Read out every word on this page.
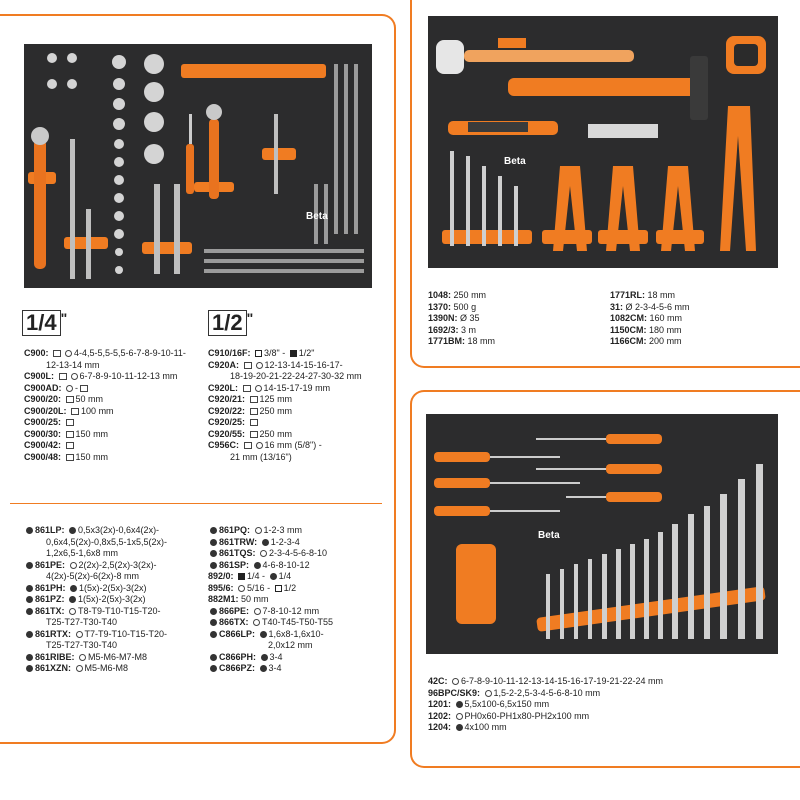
Beta
1/4 "	1/2 "
C900:	4-4,5-5,5-5,5-6-7-8-9-10-11-
12-13-14 mm
C900L:	6-7-8-9-10-11-12-13 mm
C900AD: -
C900/20: 50 mm
C900/20L: 100 mm
C900/25:
C900/30: 150 mm
C900/42:
C900/48: 150 mm
C910/16F: 3/8" - 1/2"
C920A:	12-13-14-15-16-17-
18-19-20-21-22-24-27-30-32 mm
C920L:	14-15-17-19 mm
C920/21: 125 mm
C920/22: 250 mm
C920/25:
C920/55: 250 mm
C956C:	16 mm (5/8") -
21 mm (13/16")
861LP: 0,5x3(2x)-0,6x4(2x)-
0,6x4,5(2x)-0,8x5,5-1x5,5(2x)-
1,2x6,5-1,6x8 mm
861PE: 2(2x)-2,5(2x)-3(2x)-
4(2x)-5(2x)-6(2x)-8 mm
861PH: 1(5x)-2(5x)-3(2x)
861PZ: 1(5x)-2(5x)-3(2x)
861TX: T8-T9-T10-T15-T20-
T25-T27-T30-T40
861RTX: T7-T9-T10-T15-T20-
T25-T27-T30-T40
861RIBE: M5-M6-M7-M8
861XZN: M5-M6-M8
861PQ: 1-2-3 mm
861TRW: 1-2-3-4
861TQS: 2-3-4-5-6-8-10
861SP: 4-6-8-10-12
892/0: 1/4 - 1/4
895/6: 5/16 - 1/2
882M1: 50 mm
866PE: 7-8-10-12 mm
866TX: T40-T45-T50-T55
C866LP: 1,6x8-1,6x10-
2,0x12 mm
C866PH: 3-4
C866PZ: 3-4
Beta
1048: 250 mm
1370: 500 g
1390N: Ø 35
1692/3: 3 m
1771BM: 18 mm
1771RL: 18 mm
31: Ø 2-3-4-5-6 mm
1082CM: 160 mm
1150CM: 180 mm
1166CM: 200 mm
Beta
42C: 6-7-8-9-10-11-12-13-14-15-16-17-19-21-22-24 mm
96BPC/SK9: 1,5-2-2,5-3-4-5-6-8-10 mm
1201: 5,5x100-6,5x150 mm
1202: PH0x60-PH1x80-PH2x100 mm
1204: 4x100 mm
